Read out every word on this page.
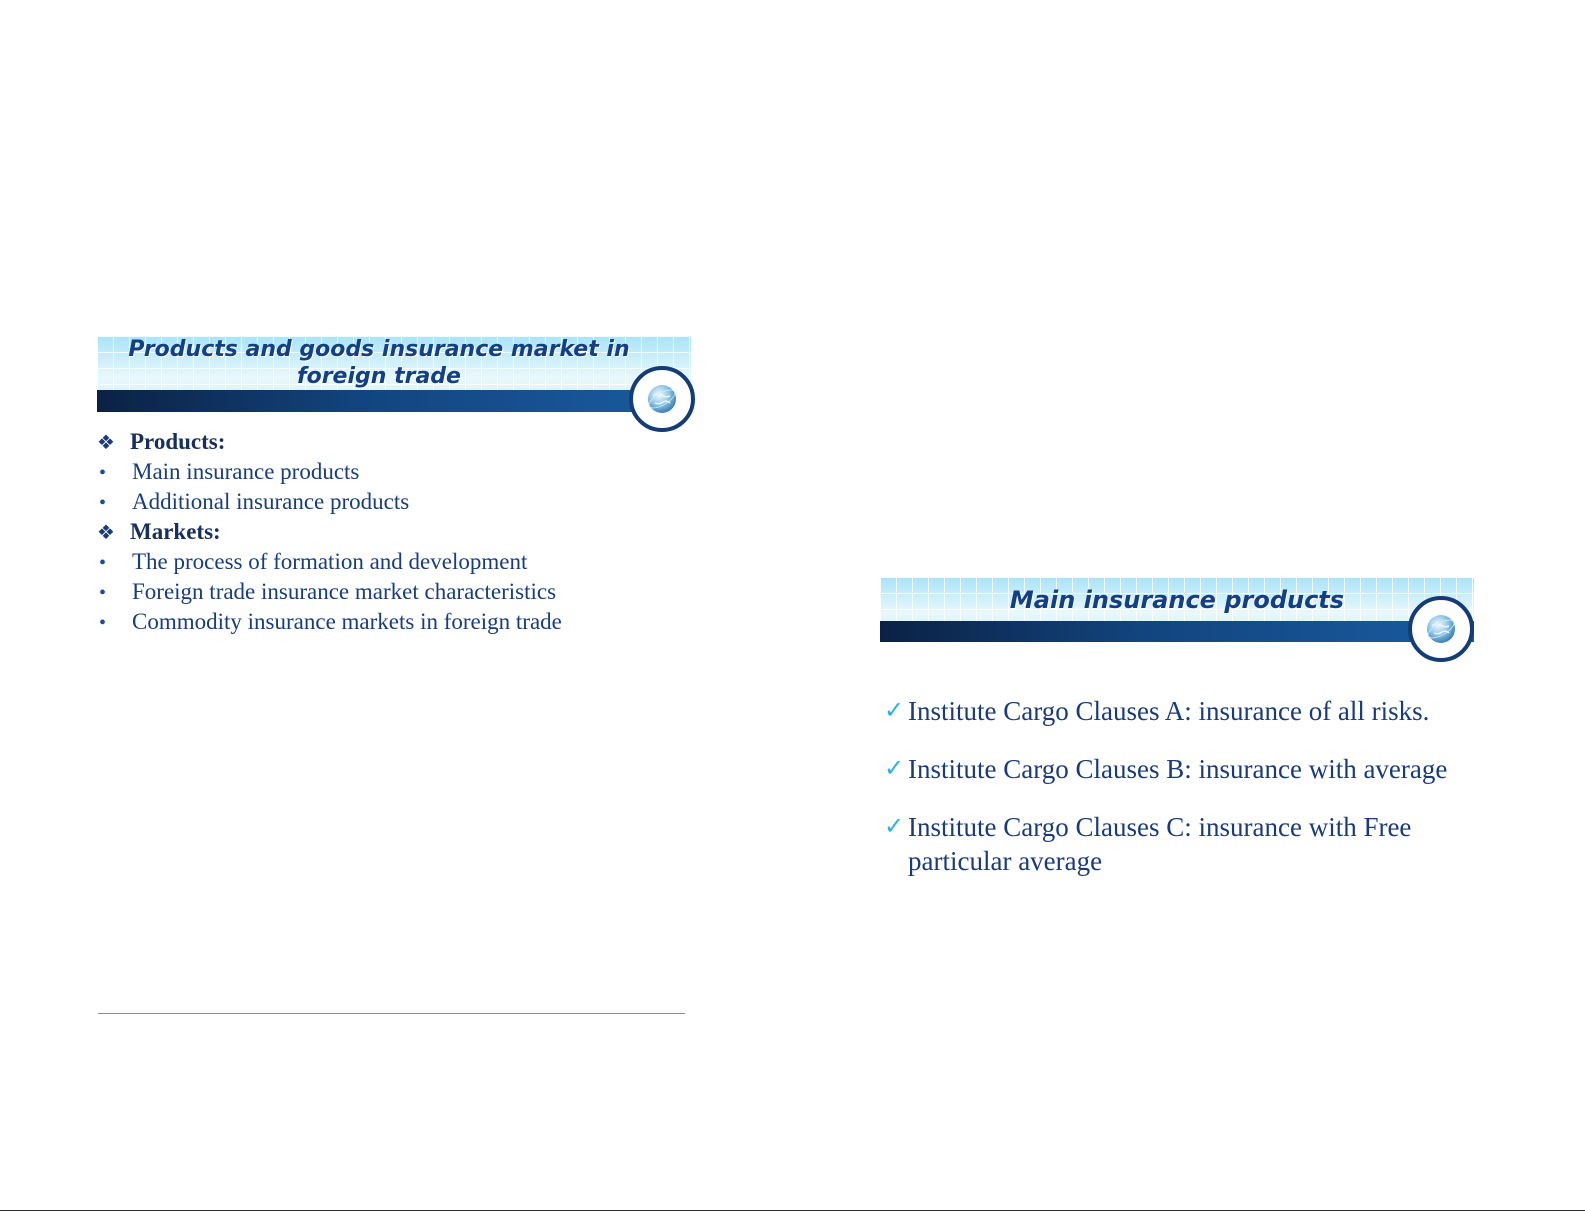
Products and goods insurance market in foreign trade
❖ Products:
•	Main insurance products
•	Additional insurance products
❖ Markets:
•	The process of formation and development
•	Foreign trade insurance market characteristics
•	Commodity insurance markets in foreign trade
Main insurance products
✓ Institute Cargo Clauses A: insurance of all risks.
✓ Institute Cargo Clauses B: insurance with average
✓ Institute Cargo Clauses C: insurance with Free particular average
